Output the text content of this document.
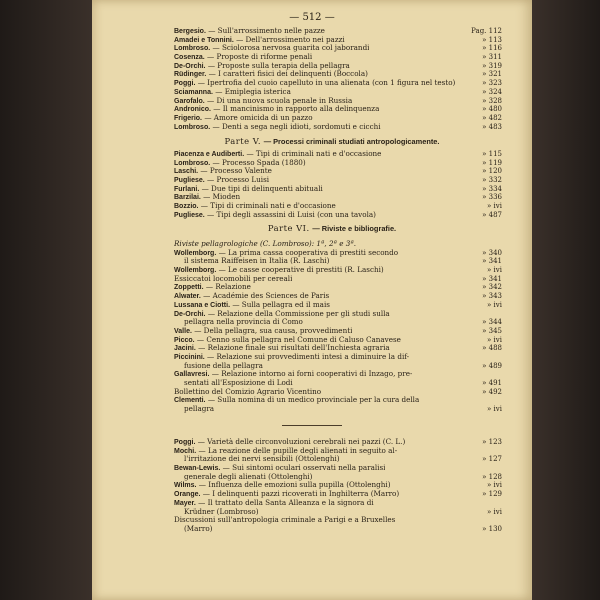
— 512 —
Bergesio. — Sull'arrossimento nelle pazze	Pag. 112
Amadei e Tonnini. — Dell'arrossimento nei pazzi	» 113
Lombroso. — Sciolorosa nervosa guarita col jaborandi	» 116
Cosenza. — Proposte di riforme penali	» 311
De-Orchi. — Proposte sulla terapia della pellagra	» 319
Rüdinger. — I caratteri fisici dei delinquenti (Boccola)	» 321
Poggi. — Ipertrofia del cuoio capelluto in una alienata (con 1 figura nel testo)	» 323
Sciamanna. — Emiplegia isterica	» 324
Garofalo. — Di una nuova scuola penale in Russia	» 328
Andronico. — Il mancinismo in rapporto alla delinquenza	» 480
Frigerio. — Amore omicida di un pazzo	» 482
Lombroso. — Denti a sega negli idioti, sordomuti e cicchi	» 483
Parte V. — Processi criminali studiati antropologicamente.
Piacenza e Audiberti. — Tipi di criminali nati e d'occasione	» 115
Lombroso. — Processo Spada (1880)	» 119
Laschi. — Processo Valente	» 120
Pugliese. — Processo Luisi	» 332
Furlani. — Due tipi di delinquenti abituali	» 334
Barzilai. — Mioden	» 336
Bozzio. — Tipi di criminali nati e d'occasione	» ivi
Pugliese. — Tipi degli assassini di Luisi (con una tavola)	» 487
Parte VI. — Riviste e bibliografie.
Riviste pellagrologiche (C. Lombroso): 1ª, 2ª e 3ª.
Wollemborg. — La prima cassa cooperativa di prestiti secondo	» 340
il sistema Raiffeisen in Italia (R. Laschi)	» 341
Wollemborg. — Le casse cooperative di prestiti (R. Laschi)	» ivi
Essiccatoi locomobili per cereali	» 341
Zoppetti. — Relazione	» 342
Alwater. — Académie des Sciences de Paris	» 343
Lussana e Ciotti. — Sulla pellagra ed il mais	» ivi
De-Orchi. — Relazione della Commissione per gli studi sulla
pellagra nella provincia di Como	» 344
Valle. — Della pellagra, sua causa, provvedimenti	» 345
Picco. — Cenno sulla pellagra nel Comune di Caluso Canavese	» ivi
Jacini. — Relazione finale sui risultati dell'Inchiesta agraria	» 488
Piccinini. — Relazione sui provvedimenti intesi a diminuire la dif-
fusione della pellagra	» 489
Gallavresi. — Relazione intorno ai forni cooperativi di Inzago, pre-
sentati all'Esposizione di Lodi	» 491
Bollettino del Comizio Agrario Vicentino	» 492
Clementi. — Sulla nomina di un medico provinciale per la cura della
pellagra	» ivi
Poggi. — Varietà delle circonvoluzioni cerebrali nei pazzi (C. L.)	» 123
Mochi. — La reazione delle pupille degli alienati in seguito al-
l'irritazione dei nervi sensibili (Ottolenghi)	» 127
Bewan-Lewis. — Sui sintomi oculari osservati nella paralisi
generale degli alienati (Ottolenghi)	» 128
Wilms. — Influenza delle emozioni sulla pupilla (Ottolenghi)	» ivi
Orange. — I delinquenti pazzi ricoverati in Inghilterra (Marro)	» 129
Mayer. — Il trattato della Santa Alleanza e la signora di
Krüdner (Lombroso)	» ivi
Discussioni sull'antropologia criminale a Parigi e a Bruxelles
(Marro)	» 130
